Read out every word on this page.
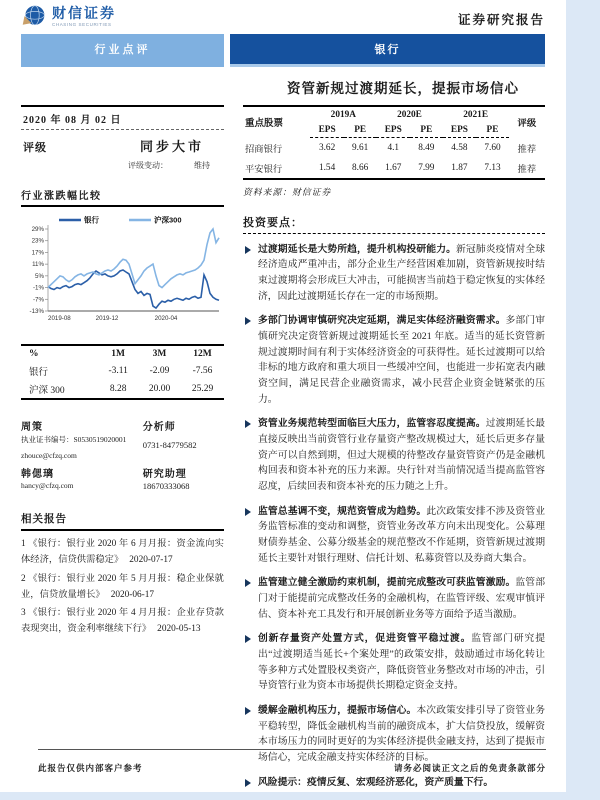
财信证券
CHASING SECURITIES	证券研究报告
行业点评	银行
资管新规过渡期延长，提振市场信心
2020 年 08 月 02 日
评级	同步大市
评级变动：	维持
行业涨跌幅比较
29%
23%
17%
11%
5%
-1%
-7%
-13%
2019-08	2019-12	2020-04
银行	沪深300
%	1M	3M	12M
银行	-3.11	-2.09	-7.56
沪深 300	8.28	20.00	25.29
周策	分析师
执业证书编号：S0530519020001
0731-84779582
zhouce@cfzq.com
韩偲璃	研究助理
hancy@cfzq.com	18670333068
相关报告
1 《银行：银行业 2020 年 6 月月报：资金流向实体经济，信贷供需稳定》 2020-07-17
2 《银行：银行业 2020 年 5 月月报：稳企业保就业，信贷放量增长》 2020-06-17
3 《银行：银行业 2020 年 4 月月报：企业存贷款表现突出，资金利率继续下行》 2020-05-13
重点股票	2019A		2020E		2021E		评级
	EPS	PE	EPS	PE	EPS	PE	
招商银行	3.62	9.61	4.1	8.49	4.58	7.60	推荐
平安银行	1.54	8.66	1.67	7.99	1.87	7.13	推荐
资料来源：财信证券
投资要点：
过渡期延长是大势所趋，提升机构投研能力。新冠肺炎疫情对全球经济造成严重冲击，部分企业生产经营困难加剧，资管新规按时结束过渡期将会形成巨大冲击，可能损害当前趋于稳定恢复的实体经济，因此过渡期延长存在一定的市场预期。
多部门协调审慎研究决定延期，满足实体经济融资需求。多部门审慎研究决定资管新规过渡期延长至 2021 年底。适当的延长资管新规过渡期时间有利于实体经济资金的可获得性。延长过渡期可以给非标的地方政府和重大项目一些缓冲空间，也能进一步拓宽表内融资空间，满足民营企业融资需求，减小民营企业资金链紧张的压力。
资管业务规范转型面临巨大压力，监管容忍度提高。过渡期延长最直接反映出当前资管行业存量资产整改规模过大，延长后更多存量资产可以自然到期，但过大规模的待整改存量资管资产仍是金融机构回表和资本补充的压力来源。央行针对当前情况适当提高监管容忍度，后续回表和资本补充的压力随之上升。
监管总基调不变，规范资管成为趋势。此次政策安排不涉及资管业务监管标准的变动和调整，资管业务改革方向未出现变化。公募理财债券基金、公募分级基金的规范整改不作延期，资管新规过渡期延长主要针对银行理财、信托计划、私募资管以及券商大集合。
监管建立健全激励约束机制，提前完成整改可获监管激励。监管部门对于能提前完成整改任务的金融机构，在监管评级、宏观审慎评估、资本补充工具发行和开展创新业务等方面给予适当激励。
创新存量资产处置方式，促进资管平稳过渡。监管部门研究提出“过渡期适当延长+个案处理”的政策安排，鼓励通过市场化转让等多种方式处置股权类资产，降低资管业务整改对市场的冲击，引导资管行业为资本市场提供长期稳定资金支持。
缓解金融机构压力，提振市场信心。本次政策安排引导了资管业务平稳转型，降低金融机构当前的融资成本，扩大信贷投放，缓解资本市场压力的同时更好的为实体经济提供金融支持，达到了提振市场信心，完成金融支持实体经济的目标。
风险提示：疫情反复、宏观经济恶化，资产质量下行。
此报告仅供内部客户参考	请务必阅读正文之后的免责条款部分
